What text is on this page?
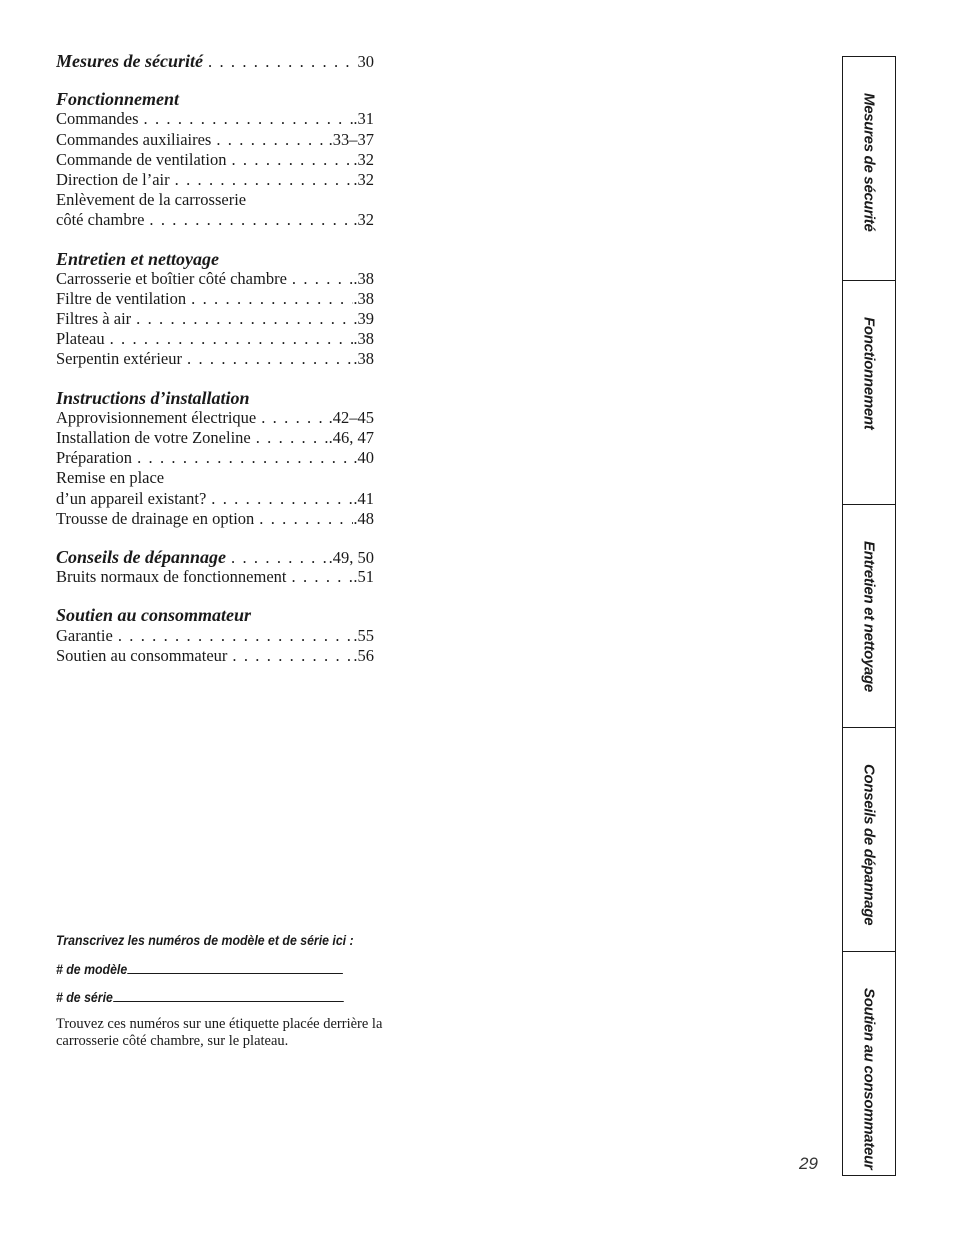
Mesures de sécurité . . .	30
Fonctionnement
Commandes . . .	.31
Commandes auxiliaires . . .	.33–37
Commande de ventilation . . .	.32
Direction de l’air . . .	.32
Enlèvement de la carrosserie
côté chambre . . .	.32
Entretien et nettoyage
Carrosserie et boîtier côté chambre . . .	.38
Filtre de ventilation . . .	.38
Filtres à air . . .	.39
Plateau . . .	.38
Serpentin extérieur . . .	.38
Instructions d’installation
Approvisionnement électrique . . .	.42–45
Installation de votre Zoneline . . .	.46, 47
Préparation . . .	.40
Remise en place
d’un appareil existant? . . .	.41
Trousse de drainage en option . . .	.48
Conseils de dépannage . . .	.49, 50
Bruits normaux de fonctionnement . . .	.51
Soutien au consommateur
Garantie . . .	.55
Soutien au consommateur . . .	.56
Transcrivez les numéros de modèle et de série ici :
# de modèle
# de série
Trouvez ces numéros sur une étiquette placée derrière la carrosserie côté chambre, sur le plateau.
Mesures de sécurité
Fonctionnement
Entretien et nettoyage
Conseils de dépannage
Soutien au consommateur
29
